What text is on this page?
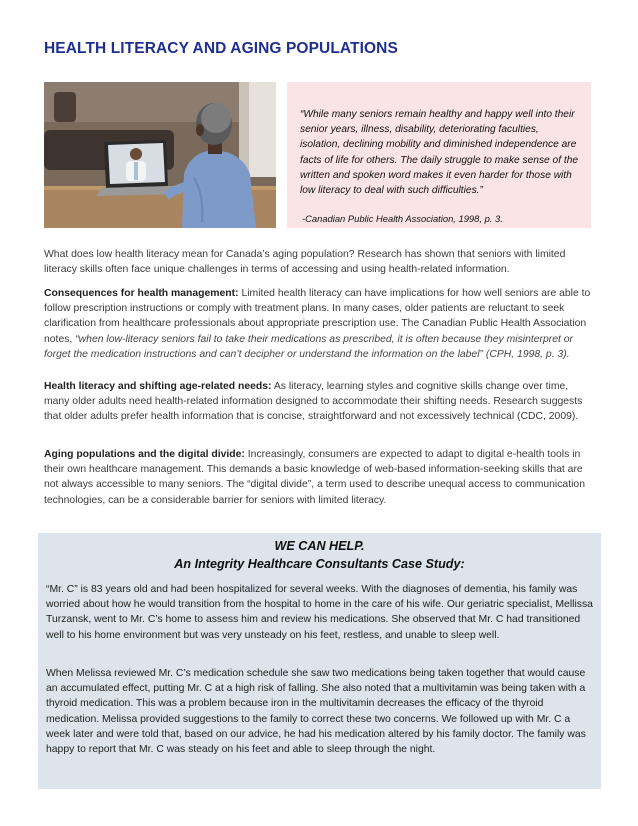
HEALTH LITERACY AND AGING POPULATIONS

“While many seniors remain healthy and happy well into their senior years, illness, disability, deteriorating faculties, isolation, declining mobility and diminished independence are facts of life for others. The daily struggle to make sense of the written and spoken word makes it even harder for those with low literacy to deal with such difficulties.”

-Canadian Public Health Association, 1998, p. 3.

What does low health literacy mean for Canada’s aging population? Research has shown that seniors with limited literacy skills often face unique challenges in terms of accessing and using health-related information.

Consequences for health management: Limited health literacy can have implications for how well seniors are able to follow prescription instructions or comply with treatment plans. In many cases, older patients are reluctant to seek clarification from healthcare professionals about appropriate prescription use. The Canadian Public Health Association notes, “when low-literacy seniors fail to take their medications as prescribed, it is often because they misinterpret or forget the medication instructions and can’t decipher or understand the information on the label” (CPH, 1998, p. 3).

Health literacy and shifting age-related needs: As literacy, learning styles and cognitive skills change over time, many older adults need health-related information designed to accommodate their shifting needs. Research suggests that older adults prefer health information that is concise, straightforward and not excessively technical (CDC, 2009).

Aging populations and the digital divide: Increasingly, consumers are expected to adapt to digital e-health tools in their own healthcare management. This demands a basic knowledge of web-based information-seeking skills that are not always accessible to many seniors. The “digital divide”, a term used to describe unequal access to communication technologies, can be a considerable barrier for seniors with limited literacy.

WE CAN HELP.
An Integrity Healthcare Consultants Case Study:

“Mr. C” is 83 years old and had been hospitalized for several weeks. With the diagnoses of dementia, his family was worried about how he would transition from the hospital to home in the care of his wife. Our geriatric specialist, Mellissa Turzansk, went to Mr. C’s home to assess him and review his medications. She observed that Mr. C had transitioned well to his home environment but was very unsteady on his feet, restless, and unable to sleep well.

When Melissa reviewed Mr. C’s medication schedule she saw two medications being taken together that would cause an accumulated effect, putting Mr. C at a high risk of falling. She also noted that a multivitamin was being taken with a thyroid medication. This was a problem because iron in the multivitamin decreases the efficacy of the thyroid medication. Melissa provided suggestions to the family to correct these two concerns. We followed up with Mr. C a week later and were told that, based on our advice, he had his medication altered by his family doctor. The family was happy to report that Mr. C was steady on his feet and able to sleep through the night.
